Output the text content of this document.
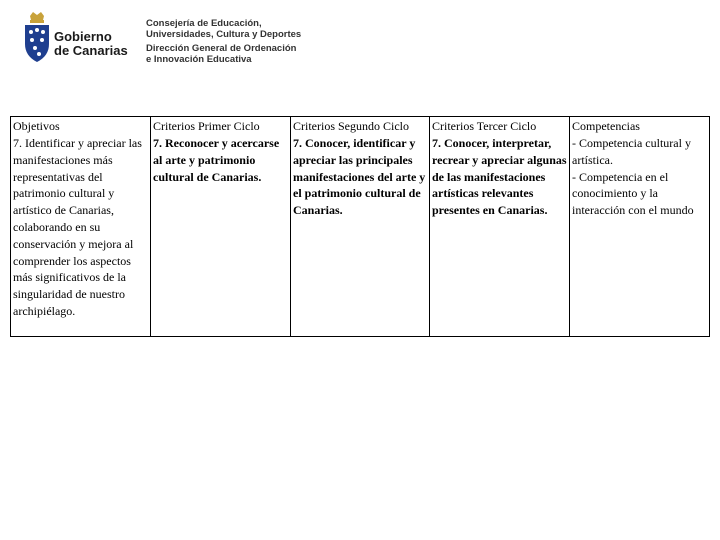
Gobierno
de Canarias
Consejería de Educación,
Universidades, Cultura y Deportes
Dirección General de Ordenación
e Innovación Educativa
Objetivos	Criterios Primer Ciclo	Criterios Segundo Ciclo	Criterios Tercer Ciclo	Competencias
7. Identificar y apreciar las manifestaciones más representativas del patrimonio cultural y artístico de Canarias, colaborando en su conservación y mejora al comprender los aspectos más significativos de la singularidad de nuestro archipiélago.	7. Reconocer y acercarse al arte y patrimonio cultural de Canarias.	7. Conocer, identificar y apreciar las principales manifestaciones del arte y el patrimonio cultural de Canarias.	7. Conocer, interpretar, recrear y apreciar algunas de las manifestaciones artísticas relevantes presentes en Canarias.	- Competencia cultural y artística.
- Competencia en el conocimiento y la interacción con el mundo
